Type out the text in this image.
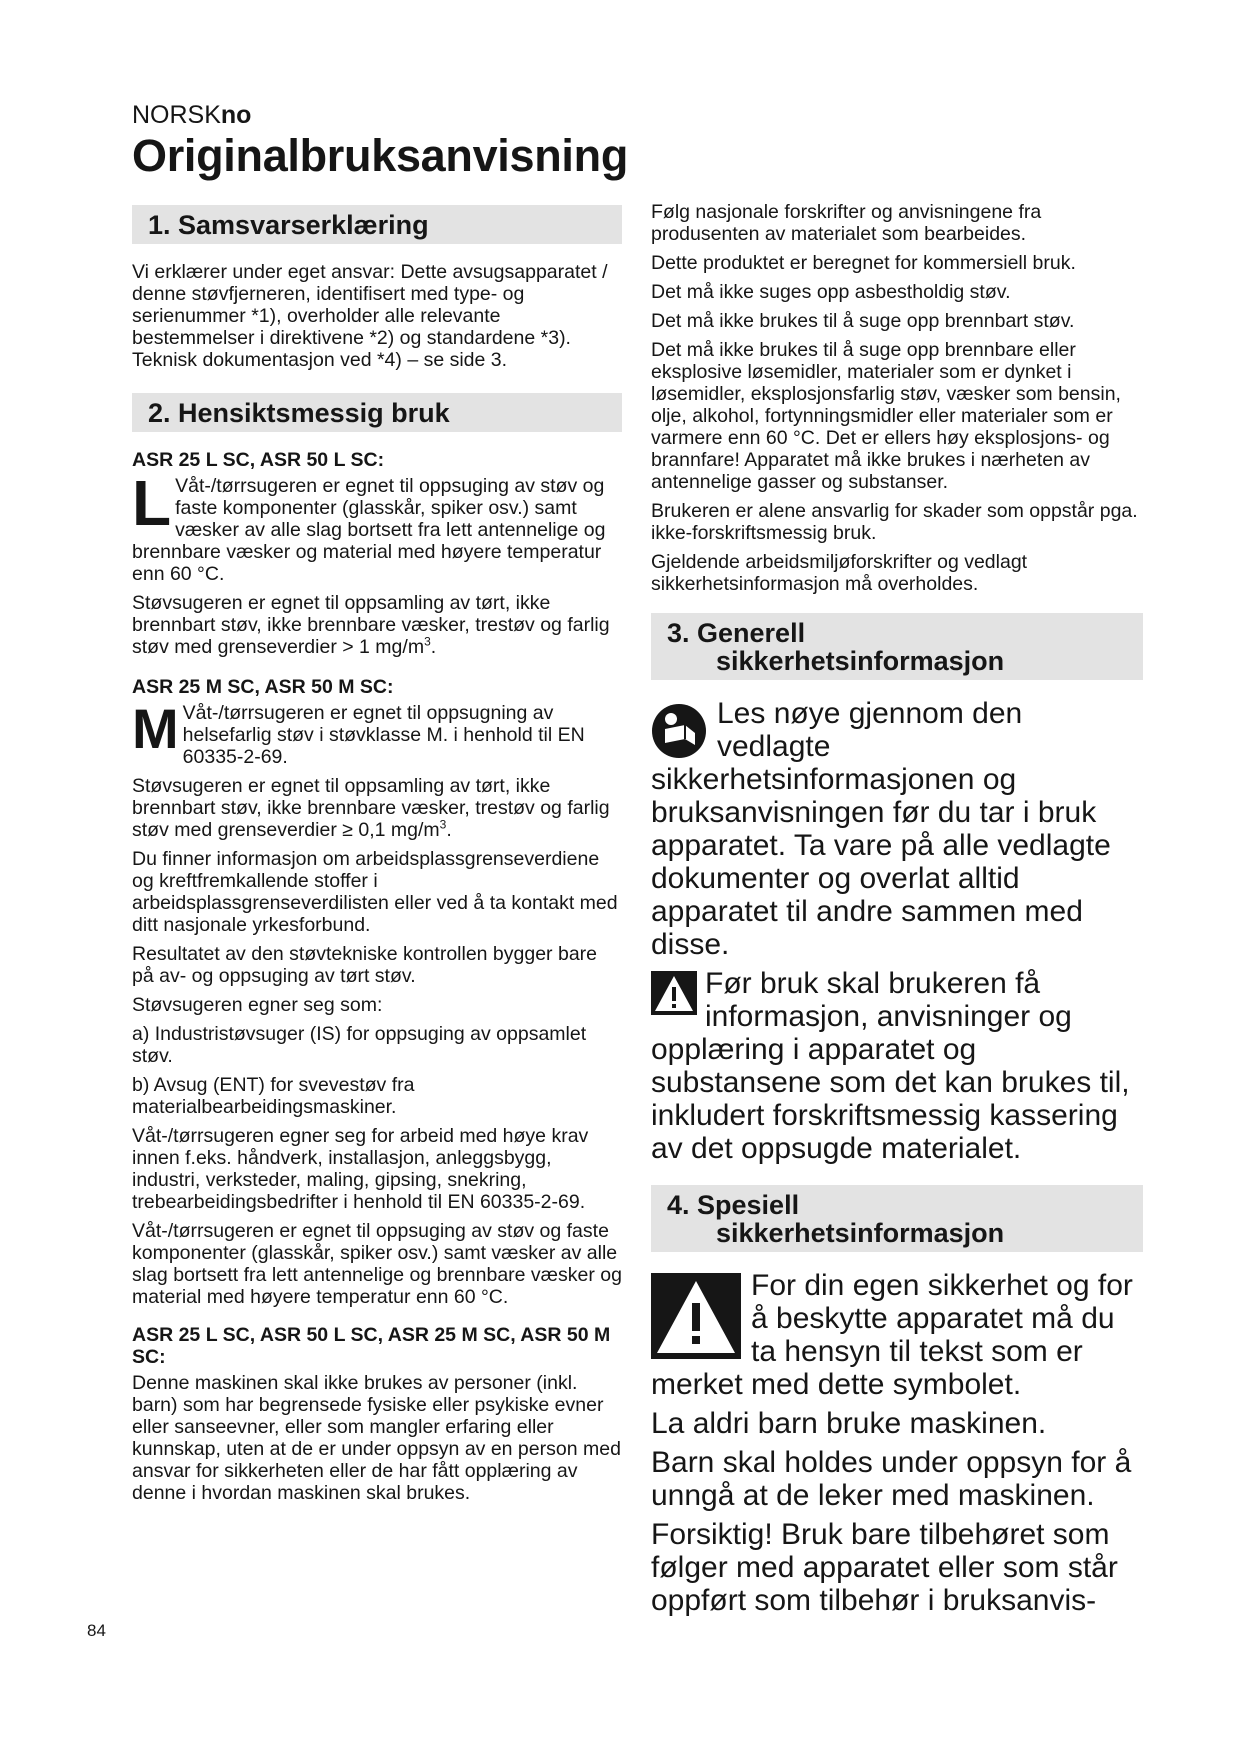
NORSKno
Originalbruksanvisning
1. Samsvarserklæring

Vi erklærer under eget ansvar: Dette avsugsapparatet / denne støvfjerneren, identifisert med type- og serienummer *1), overholder alle relevante bestemmelser i direktivene *2) og standardene *3). Teknisk dokumentasjon ved *4) – se side 3.

2. Hensiktsmessig bruk
ASR 25 L SC, ASR 50 L SC:

L Våt-/tørrsugeren er egnet til oppsuging av støv og faste komponenter (glasskår, spiker osv.) samt væsker av alle slag bortsett fra lett antennelige og brennbare væsker og material med høyere temperatur enn 60 °C.

Støvsugeren er egnet til oppsamling av tørt, ikke brennbart støv, ikke brennbare væsker, trestøv og farlig støv med grenseverdier > 1 $mg/m^3$.

ASR 25 M SC, ASR 50 M SC:

M Våt-/tørrsugeren er egnet til oppsugning av helsefarlig støv i støvklasse M. i henhold til EN 60335-2-69.

Støvsugeren er egnet til oppsamling av tørt, ikke brennbart støv, ikke brennbare væsker, trestøv og farlig støv med grenseverdier ≥ 0,1 $mg/m^3$.

Du finner informasjon om arbeidsplassgrenseverdiene og kreftfremkallende stoffer i arbeidsplassgrenseverdilisten eller ved å ta kontakt med ditt nasjonale yrkesforbund.

Resultatet av den støvtekniske kontrollen bygger bare på av- og oppsuging av tørt støv.

Støvsugeren egner seg som:

a) Industristøvsuger (IS) for oppsuging av oppsamlet støv.

b) Avsug (ENT) for svevestøv fra materialbearbeidingsmaskiner.

Våt-/tørrsugeren egner seg for arbeid med høye krav innen f.eks. håndverk, installasjon, anleggsbygg, industri, verksteder, maling, gipsing, snekring, trebearbeidingsbedrifter i henhold til EN 60335-2-69.

Våt-/tørrsugeren er egnet til oppsuging av støv og faste komponenter (glasskår, spiker osv.) samt væsker av alle slag bortsett fra lett antennelige og brennbare væsker og material med høyere temperatur enn 60 °C.

ASR 25 L SC, ASR 50 L SC, ASR 25 M SC, ASR 50 M SC:

Denne maskinen skal ikke brukes av personer (inkl. barn) som har begrensede fysiske eller psykiske evner eller sanseevner, eller som mangler erfaring eller kunnskap, uten at de er under oppsyn av en person med ansvar for sikkerheten eller de har fått opplæring av denne i hvordan maskinen skal brukes.

Følg nasjonale forskrifter og anvisningene fra produsenten av materialet som bearbeides.

Dette produktet er beregnet for kommersiell bruk.

Det må ikke suges opp asbestholdig støv.

Det må ikke brukes til å suge opp brennbart støv.

Det må ikke brukes til å suge opp brennbare eller eksplosive løsemidler, materialer som er dynket i løsemidler, eksplosjonsfarlig støv, væsker som bensin, olje, alkohol, fortynningsmidler eller materialer som er varmere enn 60 °C. Det er ellers høy eksplosjons- og brannfare! Apparatet må ikke brukes i nærheten av antennelige gasser og substanser.

Brukeren er alene ansvarlig for skader som oppstår pga. ikke-forskriftsmessig bruk.

Gjeldende arbeidsmiljøforskrifter og vedlagt sikkerhetsinformasjon må overholdes.

3. Generell
sikkerhetsinformasjon

Les nøye gjennom den vedlagte sikkerhetsinformasjonen og bruksanvisningen før du tar i bruk apparatet. Ta vare på alle vedlagte dokumenter og overlat alltid apparatet til andre sammen med disse.

Før bruk skal brukeren få informasjon, anvisninger og opplæring i apparatet og substansene som det kan brukes til, inkludert forskriftsmessig kassering av det oppsugde materialet.

4. Spesiell
sikkerhetsinformasjon

For din egen sikkerhet og for å beskytte apparatet må du ta hensyn til tekst som er merket med dette symbolet.

La aldri barn bruke maskinen.

Barn skal holdes under oppsyn for å unngå at de leker med maskinen.

Forsiktig! Bruk bare tilbehøret som følger med apparatet eller som står oppført som tilbehør i bruksanvis-

84
